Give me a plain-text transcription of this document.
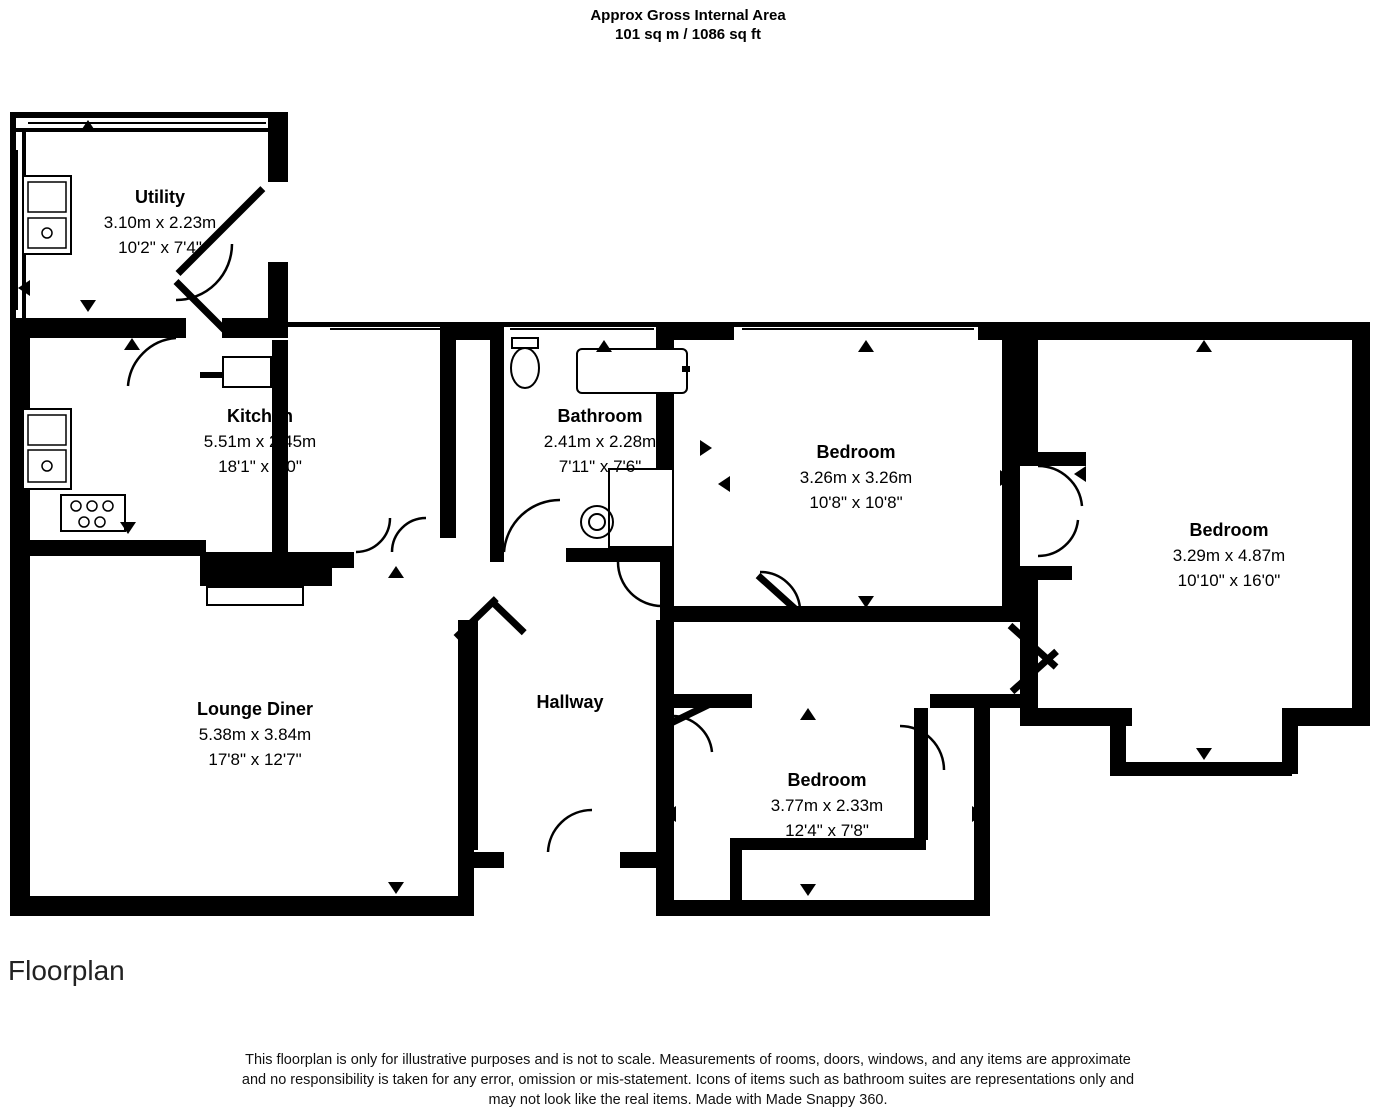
Approx Gross Internal Area
101 sq m / 1086 sq ft
Utility
3.10m x 2.23m
10'2" x 7'4"
Kitchen
5.51m x 2.45m
18'1" x 8'0"
Bathroom
2.41m x 2.28m
7'11" x 7'6"
Bedroom
3.26m x 3.26m
10'8" x 10'8"
Bedroom
3.29m x 4.87m
10'10" x 16'0"
Lounge Diner
5.38m x 3.84m
17'8" x 12'7"
Hallway
Bedroom
3.77m x 2.33m
12'4" x 7'8"
Floorplan
This floorplan is only for illustrative purposes and is not to scale. Measurements of rooms, doors, windows, and any items are approximate
and no responsibility is taken for any error, omission or mis-statement. Icons of items such as bathroom suites are representations only and
may not look like the real items. Made with Made Snappy 360.
